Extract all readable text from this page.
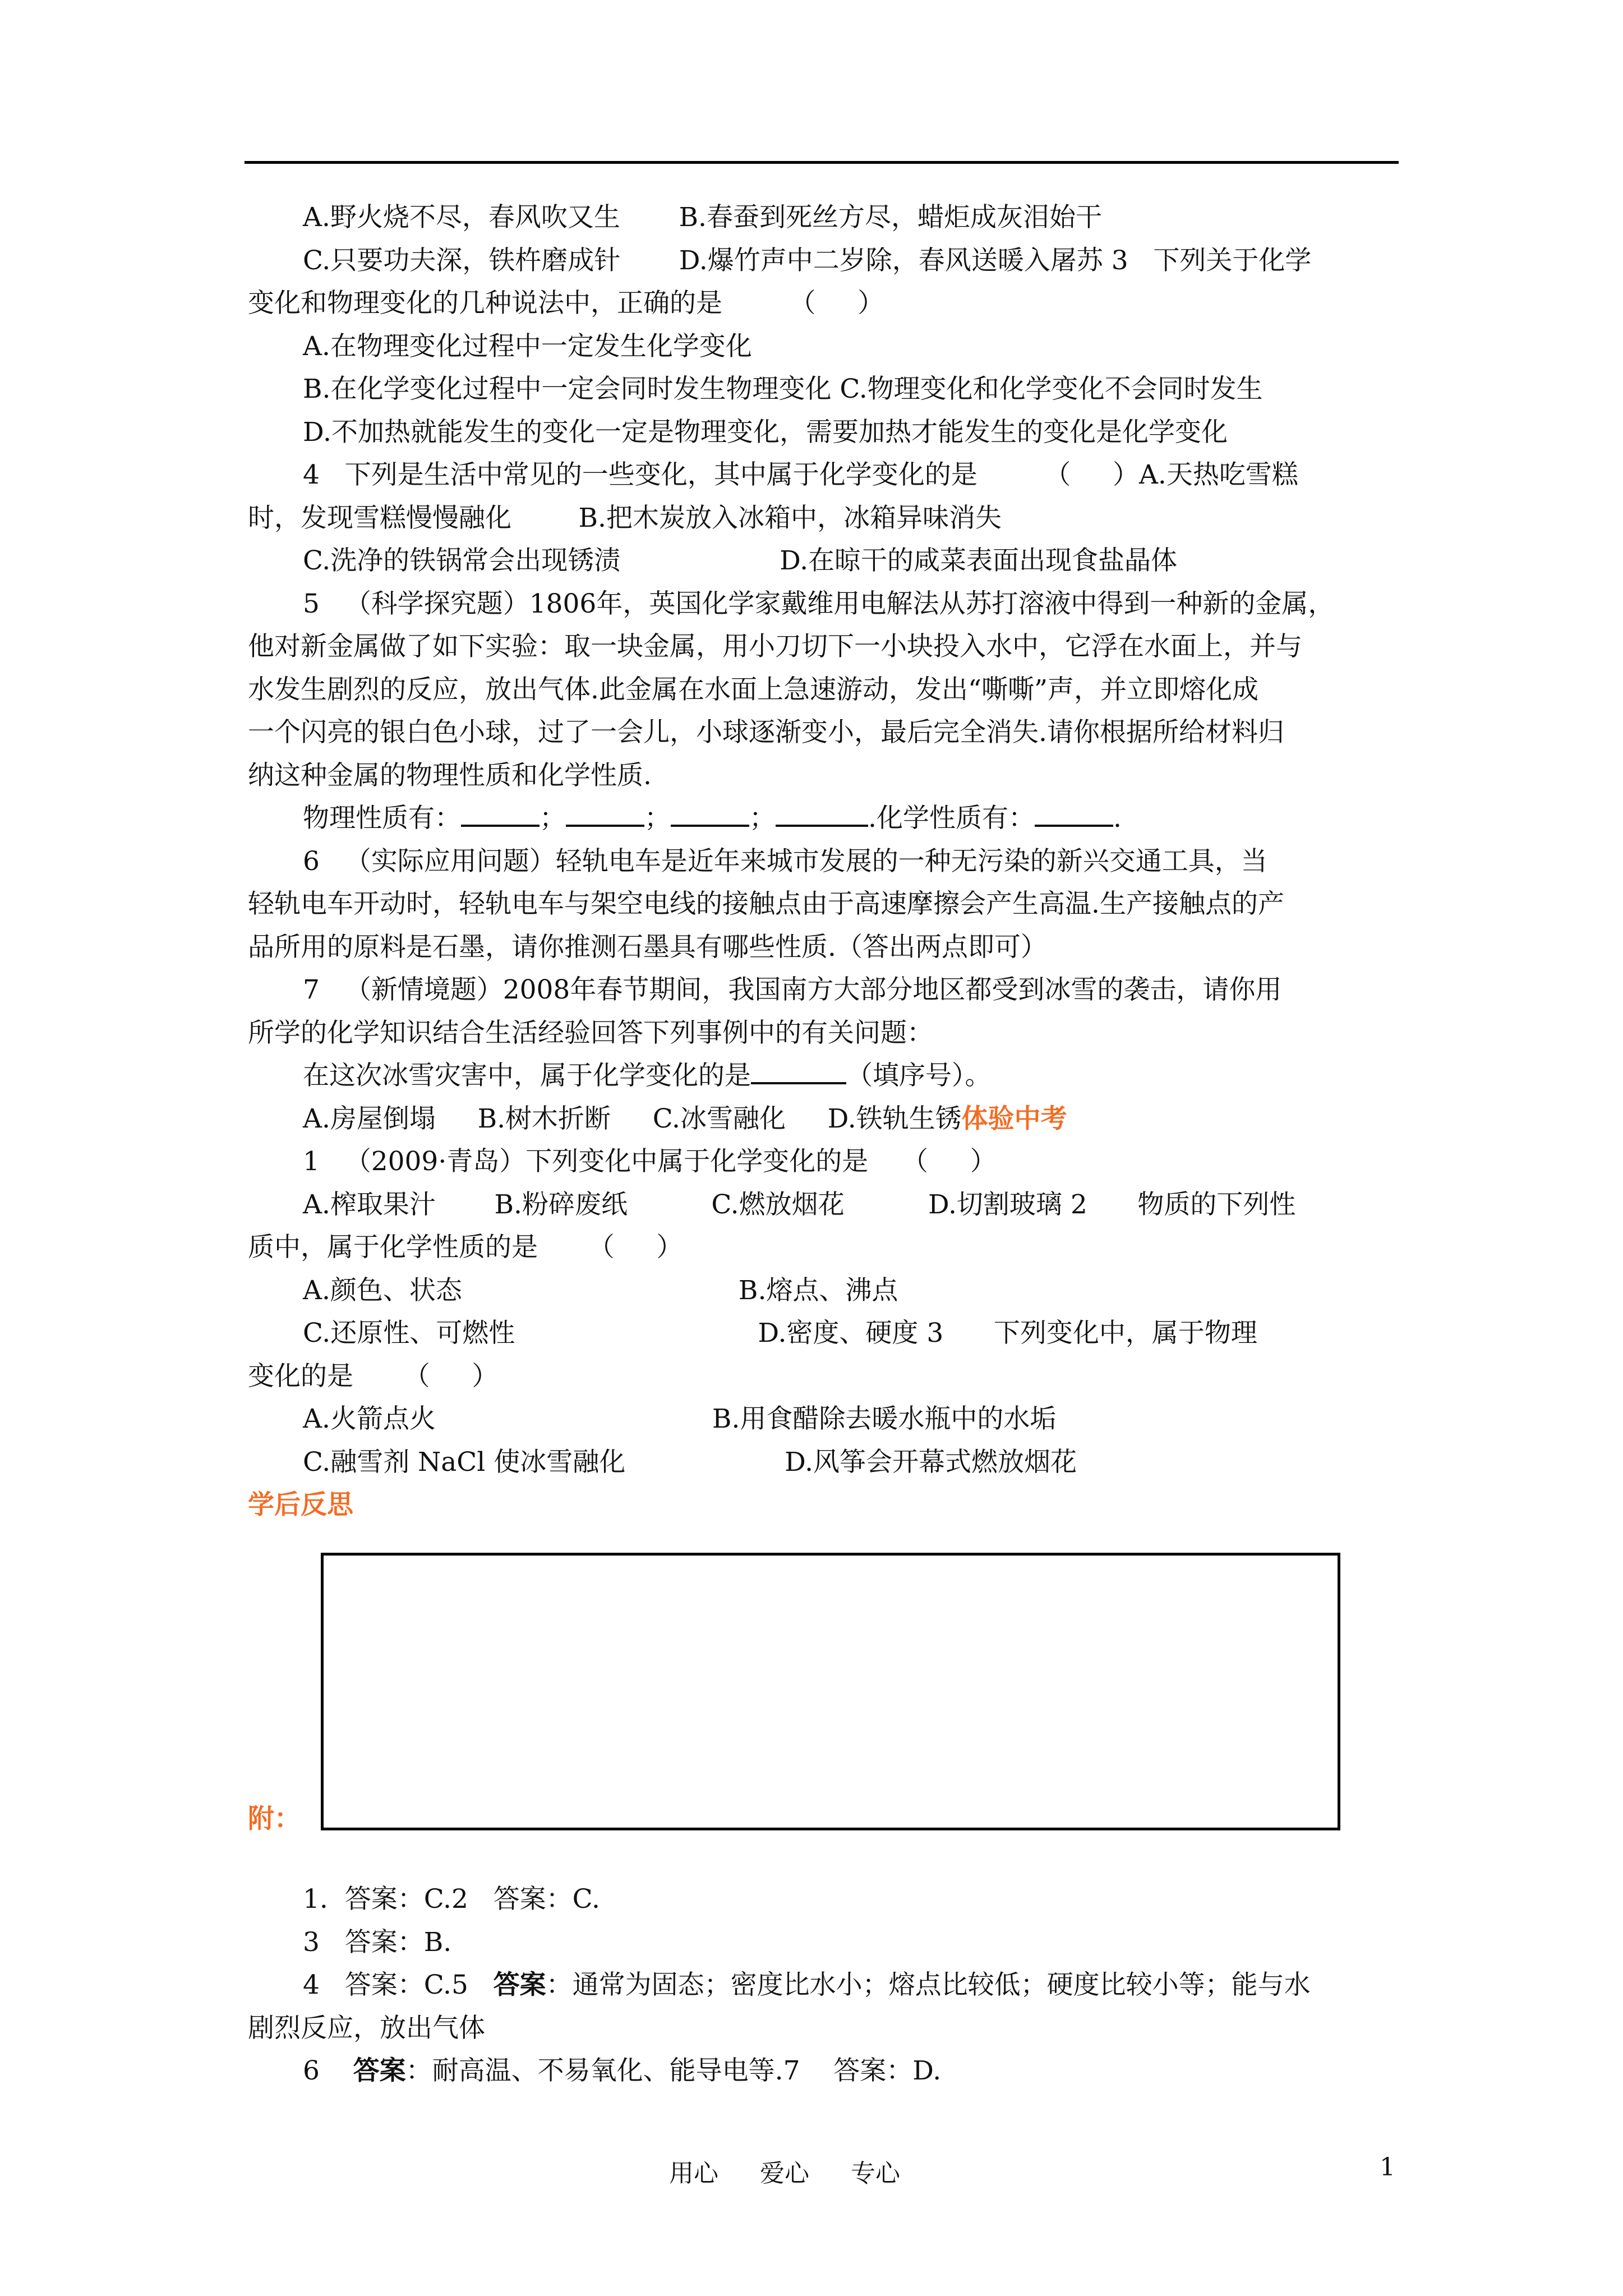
A.野火烧不尽，春风吹又生       B.春蚕到死丝方尽，蜡炬成灰泪始干
C.只要功夫深，铁杵磨成针       D.爆竹声中二岁除，春风送暖入屠苏 3   下列关于化学
变化和物理变化的几种说法中，正确的是        （     ）
A.在物理变化过程中一定发生化学变化
B.在化学变化过程中一定会同时发生物理变化 C.物理变化和化学变化不会同时发生
D.不加热就能发生的变化一定是物理变化，需要加热才能发生的变化是化学变化
4   下列是生活中常见的一些变化，其中属于化学变化的是        （     ）A.天热吃雪糕
时，发现雪糕慢慢融化        B.把木炭放入冰箱中，冰箱异味消失
C.洗净的铁锅常会出现锈渍                   D.在晾干的咸菜表面出现食盐晶体
5   （科学探究题）1806年，英国化学家戴维用电解法从苏打溶液中得到一种新的金属，
他对新金属做了如下实验：取一块金属，用小刀切下一小块投入水中，它浮在水面上，并与
水发生剧烈的反应，放出气体.此金属在水面上急速游动，发出“嘶嘶”声，并立即熔化成
一个闪亮的银白色小球，过了一会儿，小球逐渐变小，最后完全消失.请你根据所给材料归
纳这种金属的物理性质和化学性质.
物理性质有：	；	；	；	.化学性质有：	.
6   （实际应用问题）轻轨电车是近年来城市发展的一种无污染的新兴交通工具，当
轻轨电车开动时，轻轨电车与架空电线的接触点由于高速摩擦会产生高温.生产接触点的产
品所用的原料是石墨，请你推测石墨具有哪些性质.（答出两点即可）
7   （新情境题）2008年春节期间，我国南方大部分地区都受到冰雪的袭击，请你用
所学的化学知识结合生活经验回答下列事例中的有关问题：
在这次冰雪灾害中，属于化学变化的是	（填序号）。
A.房屋倒塌     B.树木折断     C.冰雪融化     D.铁轨生锈体验中考
1   （2009·青岛）下列变化中属于化学变化的是    （     ）
A.榨取果汁       B.粉碎废纸          C.燃放烟花          D.切割玻璃 2      物质的下列性
质中，属于化学性质的是      （     ）
A.颜色、状态                                 B.熔点、沸点
C.还原性、可燃性                             D.密度、硬度 3      下列变化中，属于物理
变化的是      （     ）
A.火箭点火                                 B.用食醋除去暖水瓶中的水垢
C.融雪剂 NaCl 使冰雪融化                   D.风筝会开幕式燃放烟花
学后反思
附：
1.  答案：C.2   答案：C.
3   答案：B.
4   答案：C.5   答案：通常为固态；密度比水小；熔点比较低；硬度比较小等；能与水
剧烈反应，放出气体
6    答案：耐高温、不易氧化、能导电等.7    答案：D.
用心 爱心 专心	1
